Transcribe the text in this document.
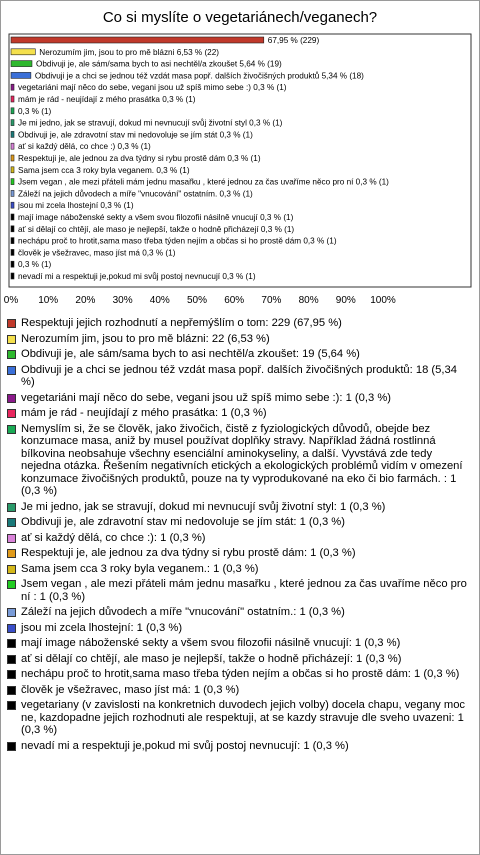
Co si myslíte o vegetariánech/veganech?
67,95 % (229)
Nerozumím jim, jsou to pro mě blázni 6,53 % (22)
Obdivuji je, ale sám/sama bych to asi nechtěl/a zkoušet 5,64 % (19)
Obdivuji je a chci se jednou též vzdát masa popř. dalších živočišných produktů 5,34 % (18)
vegetariáni mají něco do sebe, vegani jsou už spíš mimo sebe :) 0,3 % (1)
mám je rád - neujídají z mého prasátka 0,3 % (1)
0,3 % (1)
Je mi jedno, jak se stravují, dokud mi nevnucují svůj životní styl 0,3 % (1)
Obdivuji je, ale zdravotní stav mi nedovoluje se jím stát 0,3 % (1)
ať si každý dělá, co chce :) 0,3 % (1)
Respektuji je, ale jednou za dva týdny si rybu prostě dám 0,3 % (1)
Sama jsem cca 3 roky byla veganem. 0,3 % (1)
Jsem vegan , ale mezi přáteli mám jednu masařku , které jednou za čas uvaříme něco pro ní 0,3 % (1)
Záleží na jejich důvodech a míře "vnucování" ostatním. 0,3 % (1)
jsou mi zcela lhostejní 0,3 % (1)
mají image náboženské sekty a všem svou filozofii násilně vnucují 0,3 % (1)
ať si dělají co chtějí, ale maso je nejlepší, takže o hodně přicházejí 0,3 % (1)
nechápu proč to hrotit,sama maso třeba týden nejím a občas si ho prostě dám 0,3 % (1)
člověk je všežravec, maso jíst má 0,3 % (1)
0,3 % (1)
nevadí mi a respektuji je,pokud mi svůj postoj nevnucují 0,3 % (1)
0% 10% 20% 30% 40% 50% 60% 70% 80% 90% 100%
Respektuji jejich rozhodnutí a nepřemýšlím o tom: 229 (67,95 %)
Nerozumím jim, jsou to pro mě blázni: 22 (6,53 %)
Obdivuji je, ale sám/sama bych to asi nechtěl/a zkoušet: 19 (5,64 %)
Obdivuji je a chci se jednou též vzdát masa popř. dalších živočišných produktů: 18 (5,34 %)
vegetariáni mají něco do sebe, vegani jsou už spíš mimo sebe :): 1 (0,3 %)
mám je rád - neujídají z mého prasátka: 1 (0,3 %)
Nemyslím si, že se člověk, jako živočich, čistě z fyziologických důvodů, obejde bez konzumace masa, aniž by musel používat doplňky stravy. Například žádná rostlinná bílkovina neobsahuje všechny esenciální aminokyseliny, a další. Vyvstává zde tedy nejedna otázka. Řešením negativních etických a ekologických problémů vidím v omezení konzumace živočišných produktů, pouze na ty vyprodukované na eko či bio farmách. : 1 (0,3 %)
Je mi jedno, jak se stravují, dokud mi nevnucují svůj životní styl: 1 (0,3 %)
Obdivuji je, ale zdravotní stav mi nedovoluje se jím stát: 1 (0,3 %)
ať si každý dělá, co chce :): 1 (0,3 %)
Respektuji je, ale jednou za dva týdny si rybu prostě dám: 1 (0,3 %)
Sama jsem cca 3 roky byla veganem.: 1 (0,3 %)
Jsem vegan , ale mezi přáteli mám jednu masařku , které jednou za čas uvaříme něco pro ní : 1 (0,3 %)
Záleží na jejich důvodech a míře "vnucování" ostatním.: 1 (0,3 %)
jsou mi zcela lhostejní: 1 (0,3 %)
mají image náboženské sekty a všem svou filozofii násilně vnucují: 1 (0,3 %)
ať si dělají co chtějí, ale maso je nejlepší, takže o hodně přicházejí: 1 (0,3 %)
nechápu proč to hrotit,sama maso třeba týden nejím a občas si ho prostě dám: 1 (0,3 %)
člověk je všežravec, maso jíst má: 1 (0,3 %)
vegetariany (v zavislosti na konkretnich duvodech jejich volby) docela chapu, vegany moc ne, kazdopadne jejich rozhodnuti ale respektuji, at se kazdy stravuje dle sveho uvazeni: 1 (0,3 %)
nevadí mi a respektuji je,pokud mi svůj postoj nevnucují: 1 (0,3 %)
